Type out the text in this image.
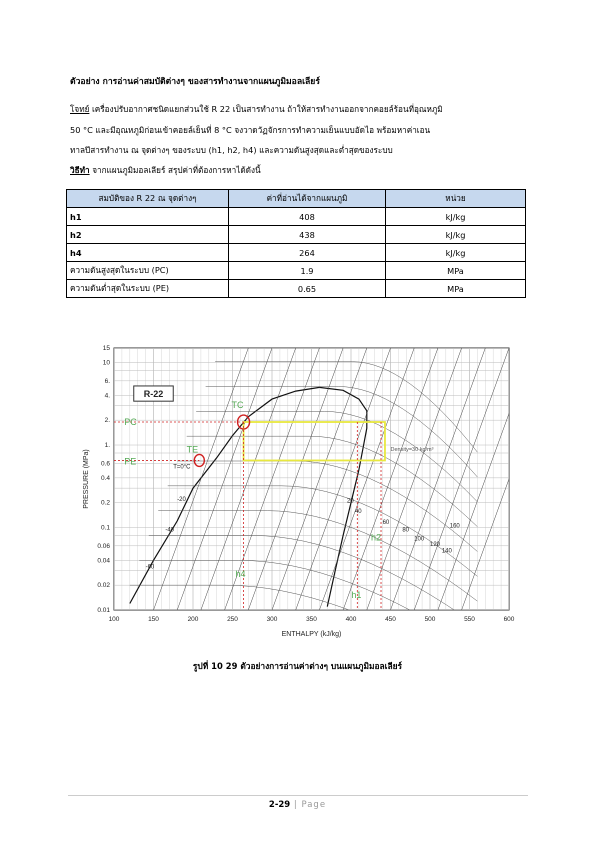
ตัวอย่าง การอ่านค่าสมบัติต่างๆ ของสารทำงานจากแผนภูมิมอลเลียร์
โจทย์ เครื่องปรับอากาศชนิดแยกส่วนใช้ R 22 เป็นสารทำงาน ถ้าให้สารทำงานออกจากคอยล์ร้อนที่อุณหภูมิ
50 °C และมีอุณหภูมิก่อนเข้าคอยล์เย็นที่ 8 °C จงวาดวัฏจักรการทำความเย็นแบบอัดไอ พร้อมหาค่าเอน
ทาลปีสารทำงาน ณ จุดต่างๆ ของระบบ (h1, h2, h4) และความดันสูงสุดและต่ำสุดของระบบ
วิธีทำ จากแผนภูมิมอลเลียร์ สรุปค่าที่ต้องการหาได้ดังนี้
สมบัติของ R 22 ณ จุดต่างๆ	ค่าที่อ่านได้จากแผนภูมิ	หน่วย
h1	408	kJ/kg
h2	438	kJ/kg
h4	264	kJ/kg
ความดันสูงสุดในระบบ (PC)	1.9	MPa
ความดันต่ำสุดในระบบ (PE)	0.65	MPa
100	150	200	250	300	350	400	450	500	550	600
0.01
0.02
0.04
0.06
0.1
0.2
0.4
0.6
1.
2.
4.
6.
10
15
ENTHALPY (kJ/kg)
PRESSURE (MPa)
R-22
PC
PE
TC
TE
h1
h2
h4
T=0°C
Density=30 kg/m³
-20
-40
-60
20
40
60
80
100
120
140
160
รูปที่ 10 29 ตัวอย่างการอ่านค่าต่างๆ บนแผนภูมิมอลเลียร์
2-29 | Page
